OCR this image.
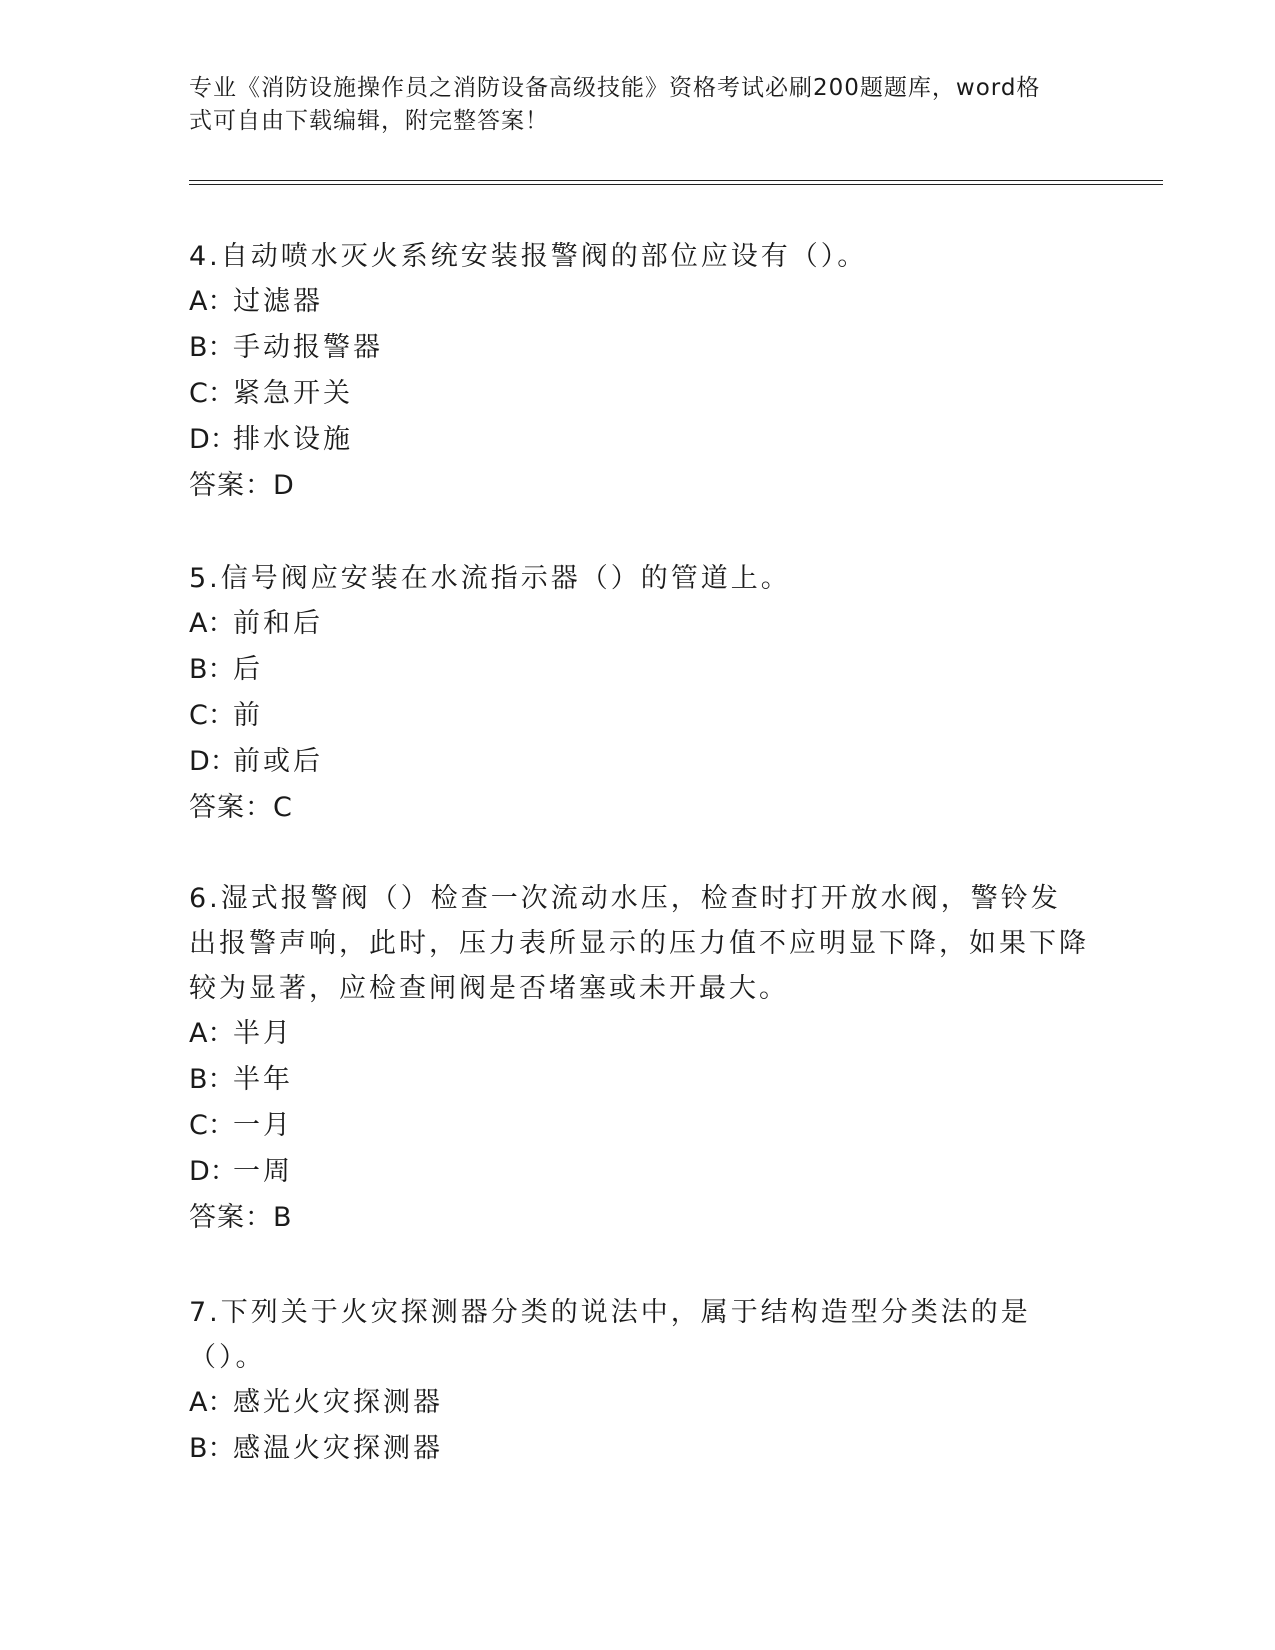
专业《消防设施操作员之消防设备高级技能》资格考试必刷200题题库，word格
式可自由下载编辑，附完整答案！

4.自动喷水灭火系统安装报警阀的部位应设有（）。

A：过滤器

B：手动报警器

C：紧急开关

D：排水设施

答案：D

5.信号阀应安装在水流指示器（）的管道上。

A：前和后

B：后

C：前

D：前或后

答案：C

6.湿式报警阀（）检查一次流动水压，检查时打开放水阀，警铃发出报警声响，此时，压力表所显示的压力值不应明显下降，如果下降较为显著，应检查闸阀是否堵塞或未开最大。

A：半月

B：半年

C：一月

D：一周

答案：B

7.下列关于火灾探测器分类的说法中，属于结构造型分类法的是（）。

A：感光火灾探测器

B：感温火灾探测器
